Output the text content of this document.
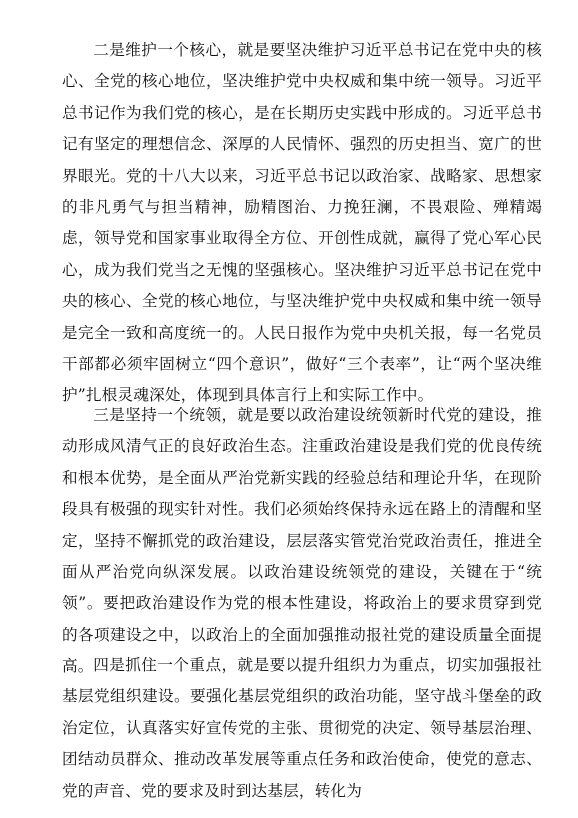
二是维护一个核心，就是要坚决维护习近平总书记在党中央的核心、全党的核心地位，坚决维护党中央权威和集中统一领导。习近平总书记作为我们党的核心，是在长期历史实践中形成的。习近平总书记有坚定的理想信念、深厚的人民情怀、强烈的历史担当、宽广的世界眼光。党的十八大以来，习近平总书记以政治家、战略家、思想家的非凡勇气与担当精神，励精图治、力挽狂澜，不畏艰险、殚精竭虑，领导党和国家事业取得全方位、开创性成就，赢得了党心军心民心，成为我们党当之无愧的坚强核心。坚决维护习近平总书记在党中央的核心、全党的核心地位，与坚决维护党中央权威和集中统一领导是完全一致和高度统一的。人民日报作为党中央机关报，每一名党员干部都必须牢固树立“四个意识”，做好“三个表率”，让“两个坚决维护”扎根灵魂深处，体现到具体言行上和实际工作中。

三是坚持一个统领，就是要以政治建设统领新时代党的建设，推动形成风清气正的良好政治生态。注重政治建设是我们党的优良传统和根本优势，是全面从严治党新实践的经验总结和理论升华，在现阶段具有极强的现实针对性。我们必须始终保持永远在路上的清醒和坚定，坚持不懈抓党的政治建设，层层落实管党治党政治责任，推进全面从严治党向纵深发展。以政治建设统领党的建设，关键在于“统领”。要把政治建设作为党的根本性建设，将政治上的要求贯穿到党的各项建设之中，以政治上的全面加强推动报社党的建设质量全面提高。 四是抓住一个重点，就是要以提升组织力为重点，切实加强报社基层党组织建设。要强化基层党组织的政治功能，坚守战斗堡垒的政治定位，认真落实好宣传党的主张、贯彻党的决定、领导基层治理、团结动员群众、推动改革发展等重点任务和政治使命，使党的意志、党的声音、党的要求及时到达基层，转化为
